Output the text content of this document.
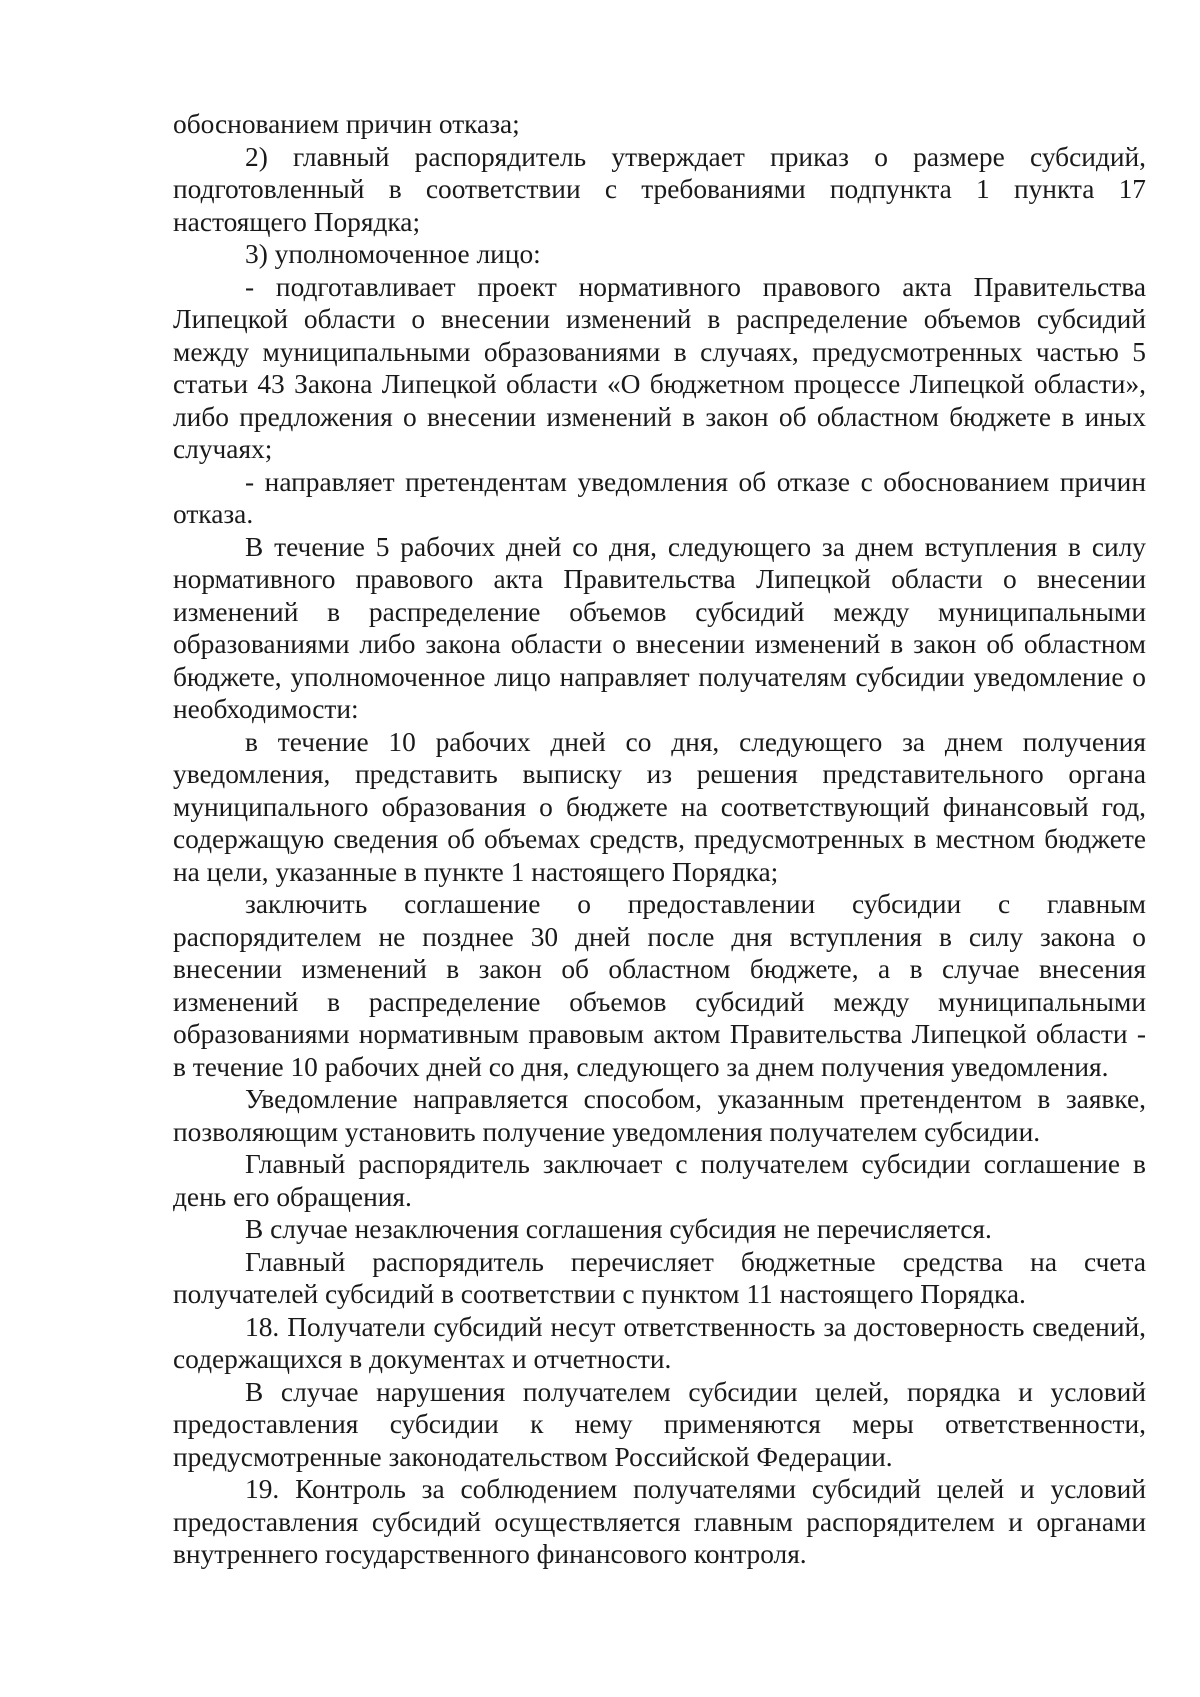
обоснованием причин отказа;

2) главный распорядитель утверждает приказ о размере субсидий, подготовленный в соответствии с требованиями подпункта 1 пункта 17 настоящего Порядка;

3) уполномоченное лицо:

- подготавливает проект нормативного правового акта Правительства Липецкой области о внесении изменений в распределение объемов субсидий между муниципальными образованиями в случаях, предусмотренных частью 5 статьи 43 Закона Липецкой области «О бюджетном процессе Липецкой области», либо предложения о внесении изменений в закон об областном бюджете в иных случаях;

- направляет претендентам уведомления об отказе с обоснованием причин отказа.

В течение 5 рабочих дней со дня, следующего за днем вступления в силу нормативного правового акта Правительства Липецкой области о внесении изменений в распределение объемов субсидий между муниципальными образованиями либо закона области о внесении изменений в закон об областном бюджете, уполномоченное лицо направляет получателям субсидии уведомление о необходимости:

в течение 10 рабочих дней со дня, следующего за днем получения уведомления, представить выписку из решения представительного органа муниципального образования о бюджете на соответствующий финансовый год, содержащую сведения об объемах средств, предусмотренных в местном бюджете на цели, указанные в пункте 1 настоящего Порядка;

заключить соглашение о предоставлении субсидии с главным распорядителем не позднее 30 дней после дня вступления в силу закона о внесении изменений в закон об областном бюджете, а в случае внесения изменений в распределение объемов субсидий между муниципальными образованиями нормативным правовым актом Правительства Липецкой области - в течение 10 рабочих дней со дня, следующего за днем получения уведомления.

Уведомление направляется способом, указанным претендентом в заявке, позволяющим установить получение уведомления получателем субсидии.

Главный распорядитель заключает с получателем субсидии соглашение в день его обращения.

В случае незаключения соглашения субсидия не перечисляется.

Главный распорядитель перечисляет бюджетные средства на счета получателей субсидий в соответствии с пунктом 11 настоящего Порядка.

18. Получатели субсидий несут ответственность за достоверность сведений, содержащихся в документах и отчетности.

В случае нарушения получателем субсидии целей, порядка и условий предоставления субсидии к нему применяются меры ответственности, предусмотренные законодательством Российской Федерации.

19. Контроль за соблюдением получателями субсидий целей и условий предоставления субсидий осуществляется главным распорядителем и органами внутреннего государственного финансового контроля.
